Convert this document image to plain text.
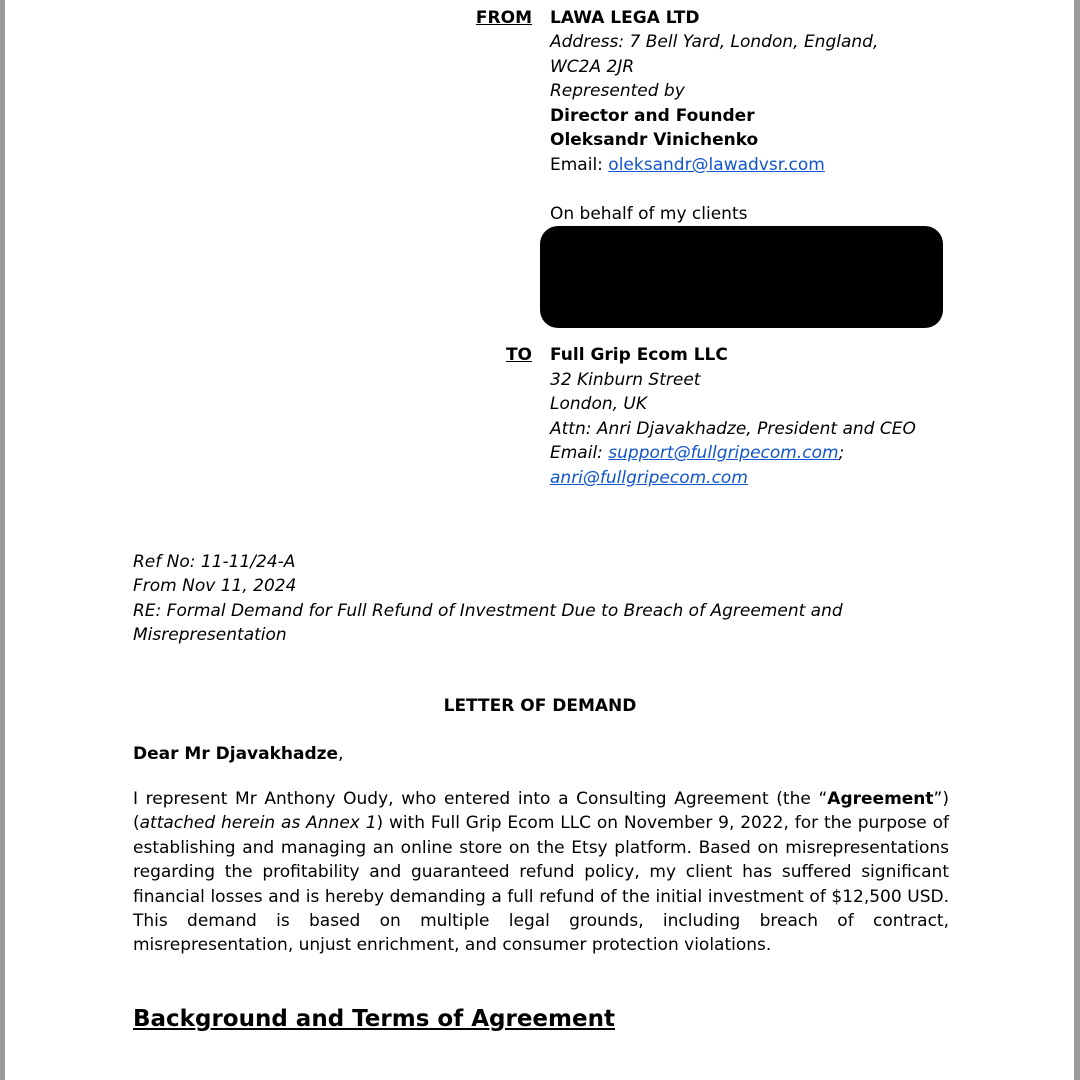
FROM LAWA LEGA LTD
Address: 7 Bell Yard, London, England,
WC2A 2JR
Represented by
Director and Founder
Oleksandr Vinichenko
Email: oleksandr@lawadvsr.com
On behalf of my clients
TO Full Grip Ecom LLC
32 Kinburn Street
London, UK
Attn: Anri Djavakhadze, President and CEO
Email: support@fullgripecom.com;
anri@fullgripecom.com
Ref No: 11-11/24-A
From Nov 11, 2024
RE: Formal Demand for Full Refund of Investment Due to Breach of Agreement and
Misrepresentation
LETTER OF DEMAND
Dear Mr Djavakhadze,
I represent Mr Anthony Oudy, who entered into a Consulting Agreement (the “Agreement”) (attached herein as Annex 1) with Full Grip Ecom LLC on November 9, 2022, for the purpose of establishing and managing an online store on the Etsy platform. Based on misrepresentations regarding the profitability and guaranteed refund policy, my client has suffered significant financial losses and is hereby demanding a full refund of the initial investment of $12,500 USD. This demand is based on multiple legal grounds, including breach of contract, misrepresentation, unjust enrichment, and consumer protection violations.
Background and Terms of Agreement
